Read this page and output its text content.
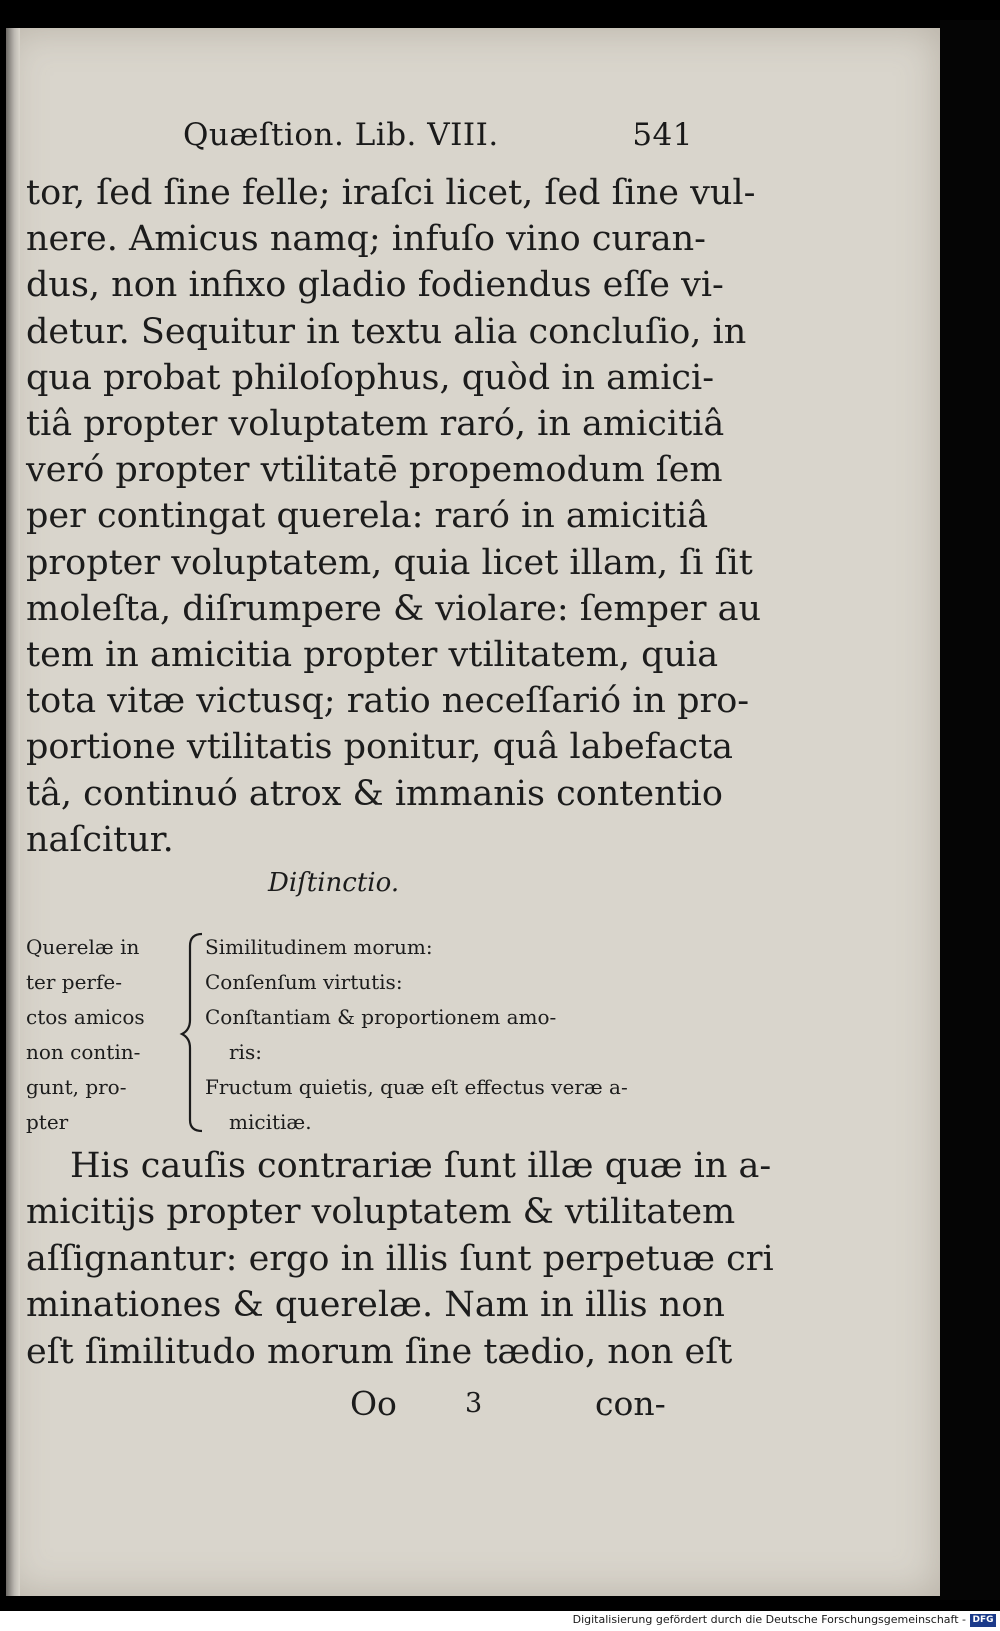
Quæſtion. Lib. VIII.	541
tor, ſed ſine felle; iraſci licet, ſed ſine vul-
nere. Amicus namq; infuſo vino curan-
dus, non infixo gladio fodiendus eſſe vi-
detur. Sequitur in textu alia concluſio, in
qua probat philoſophus, quòd in amici-
tiâ propter voluptatem raró, in amicitiâ
veró propter vtilitatē propemodum ſem
per contingat querela: raró in amicitiâ
propter voluptatem, quia licet illam, ſi ſit
moleſta, diſrumpere & violare: ſemper au
tem in amicitia propter vtilitatem, quia
tota vitæ victusq; ratio neceſſarió in pro-
portione vtilitatis ponitur, quâ labefacta
tâ, continuó atrox & immanis contentio
naſcitur.
Diſtinctio.
Querelæ in
ter perfe-
ctos amicos
non contin-
gunt, pro-
pter
Similitudinem morum:
Conſenſum virtutis:
Conſtantiam & proportionem amo-
ris:
Fructum quietis, quæ eſt effectus veræ a-
micitiæ.
His cauſis contrariæ ſunt illæ quæ in a-
micitijs propter voluptatem & vtilitatem
aſſignantur: ergo in illis ſunt perpetuæ cri
minationes & querelæ. Nam in illis non
eſt ſimilitudo morum ſine tædio, non eſt
Oo	3	con-
Digitalisierung gefördert durch die Deutsche Forschungsgemeinschaft - DFG
